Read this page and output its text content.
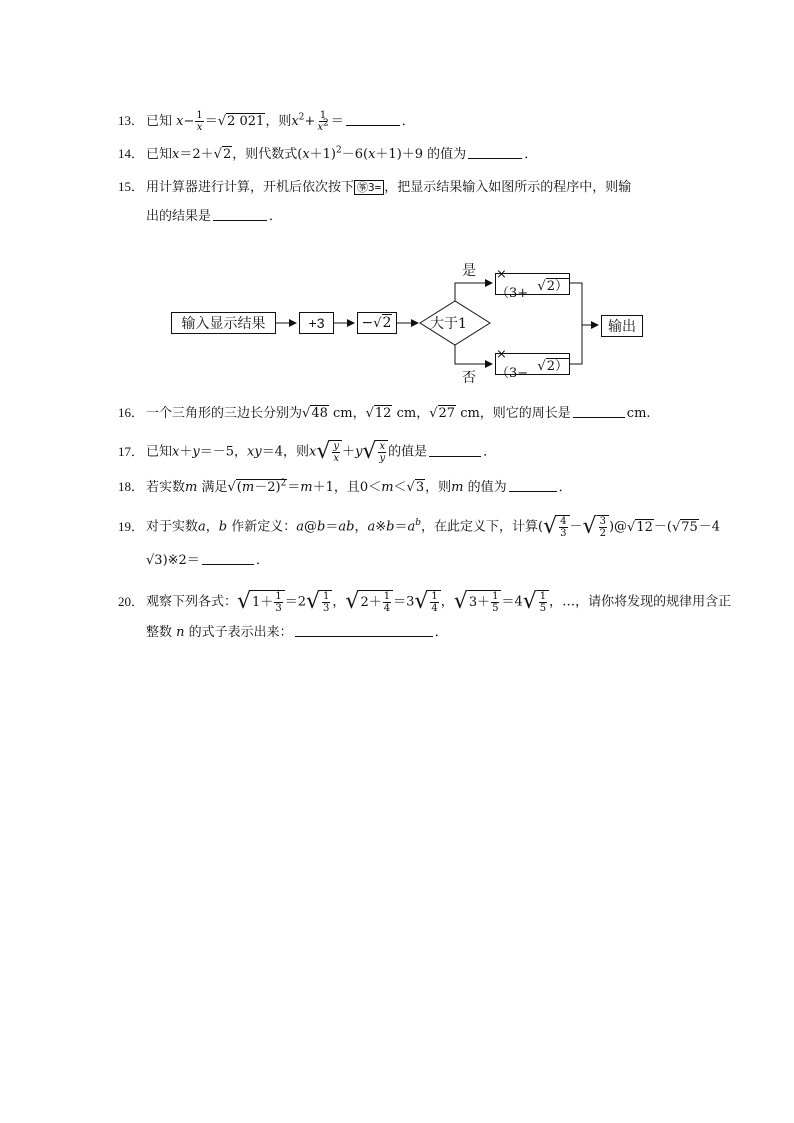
13． 已知 $x- \frac{1}{x} =√2$ 021，则$x^2+ \frac{1}{x^2}$ ＝	．
14． 已知x＝2＋√2，则代数式$(x+1)^2-6(x+1)+9$ 的值为	．
15． 用计算器进行计算，开机后依次按下 ㉇3= ，把显示结果输入如图所示的程序中，则输
出的结果是	．
输入显示结果	+3	− √2	大于1
是
否
×（3+ √2）
×（3− √2）
输出
16． 一个三角形的三边长分别为√48 cm，√12 cm，√27 cm，则它的周长是	cm.
17． 已知x＋y＝－5，xy＝4，则$x√ \frac{y}{x} +y√ \frac{x}{y}$ 的值是	．
18． 若实数m 满足$√(m-2)^2=m+1$，且0＜m＜√3，则m 的值为	．
19． 对于实数a，b 作新定义：a@b＝ab，$a※b=a^b$，在此定义下，计算(√ $\frac{4}{3}$ －√ $\frac{3}{2}$ )@√12－(√75－4
√3)※2＝	．
20． 观察下列各式：$√1+ \frac{1}{3} =2√ \frac{1}{3}$ ，$√2+ \frac{1}{4} =3√ \frac{1}{4}$ ，$√3+ \frac{1}{5} =4√ \frac{1}{5}$ ，…，请你将发现的规律用含正
整数 n 的式子表示出来：	．
